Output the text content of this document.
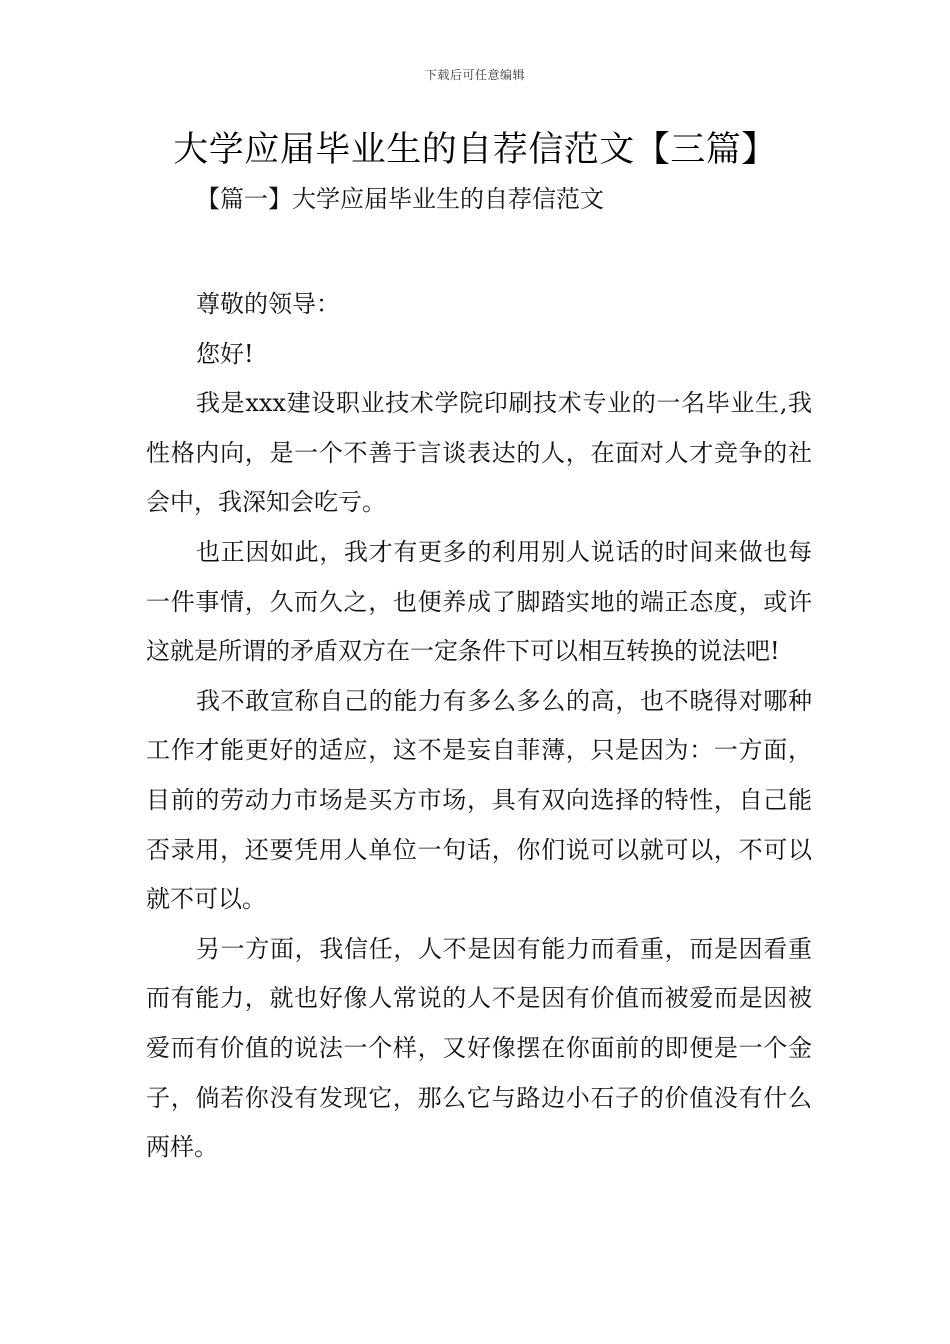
下载后可任意编辑
大学应届毕业生的自荐信范文【三篇】
【篇一】大学应届毕业生的自荐信范文

尊敬的领导：

您好!

我是xxx建设职业技术学院印刷技术专业的一名毕业生,我性格内向，是一个不善于言谈表达的人，在面对人才竞争的社会中，我深知会吃亏。

也正因如此，我才有更多的利用别人说话的时间来做也每一件事情，久而久之，也便养成了脚踏实地的端正态度，或许这就是所谓的矛盾双方在一定条件下可以相互转换的说法吧!

我不敢宣称自己的能力有多么多么的高，也不晓得对哪种工作才能更好的适应，这不是妄自菲薄，只是因为：一方面，目前的劳动力市场是买方市场，具有双向选择的特性，自己能否录用，还要凭用人单位一句话，你们说可以就可以，不可以就不可以。

另一方面，我信任，人不是因有能力而看重，而是因看重而有能力，就也好像人常说的人不是因有价值而被爱而是因被爱而有价值的说法一个样，又好像摆在你面前的即便是一个金子，倘若你没有发现它，那么它与路边小石子的价值没有什么两样。
